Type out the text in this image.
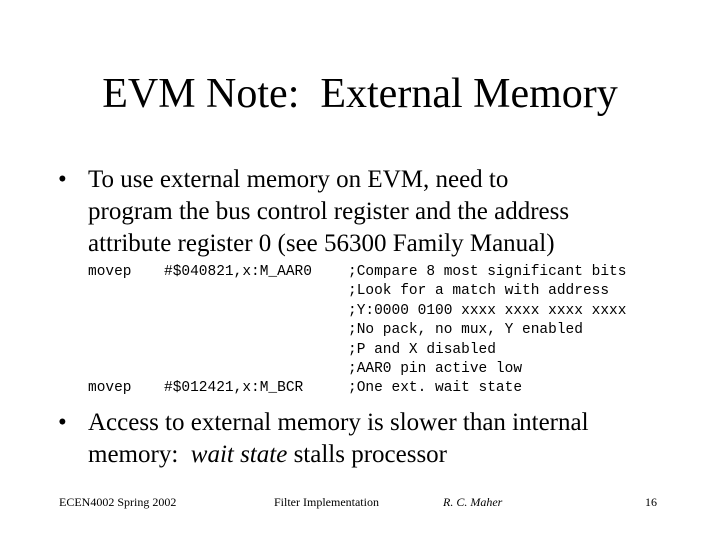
EVM Note:  External Memory
• To use external memory on EVM, need to
program the bus control register and the address
attribute register 0 (see 56300 Family Manual)
movep #$040821,x:M_AAR0 ;Compare 8 most significant bits
;Look for a match with address
;Y:0000 0100 xxxx xxxx xxxx xxxx
;No pack, no mux, Y enabled
;P and X disabled
;AAR0 pin active low
movep #$012421,x:M_BCR	;One ext. wait state
• Access to external memory is slower than internal
memory:  wait state stalls processor
ECEN4002 Spring 2002	Filter Implementation	R. C. Maher	16
